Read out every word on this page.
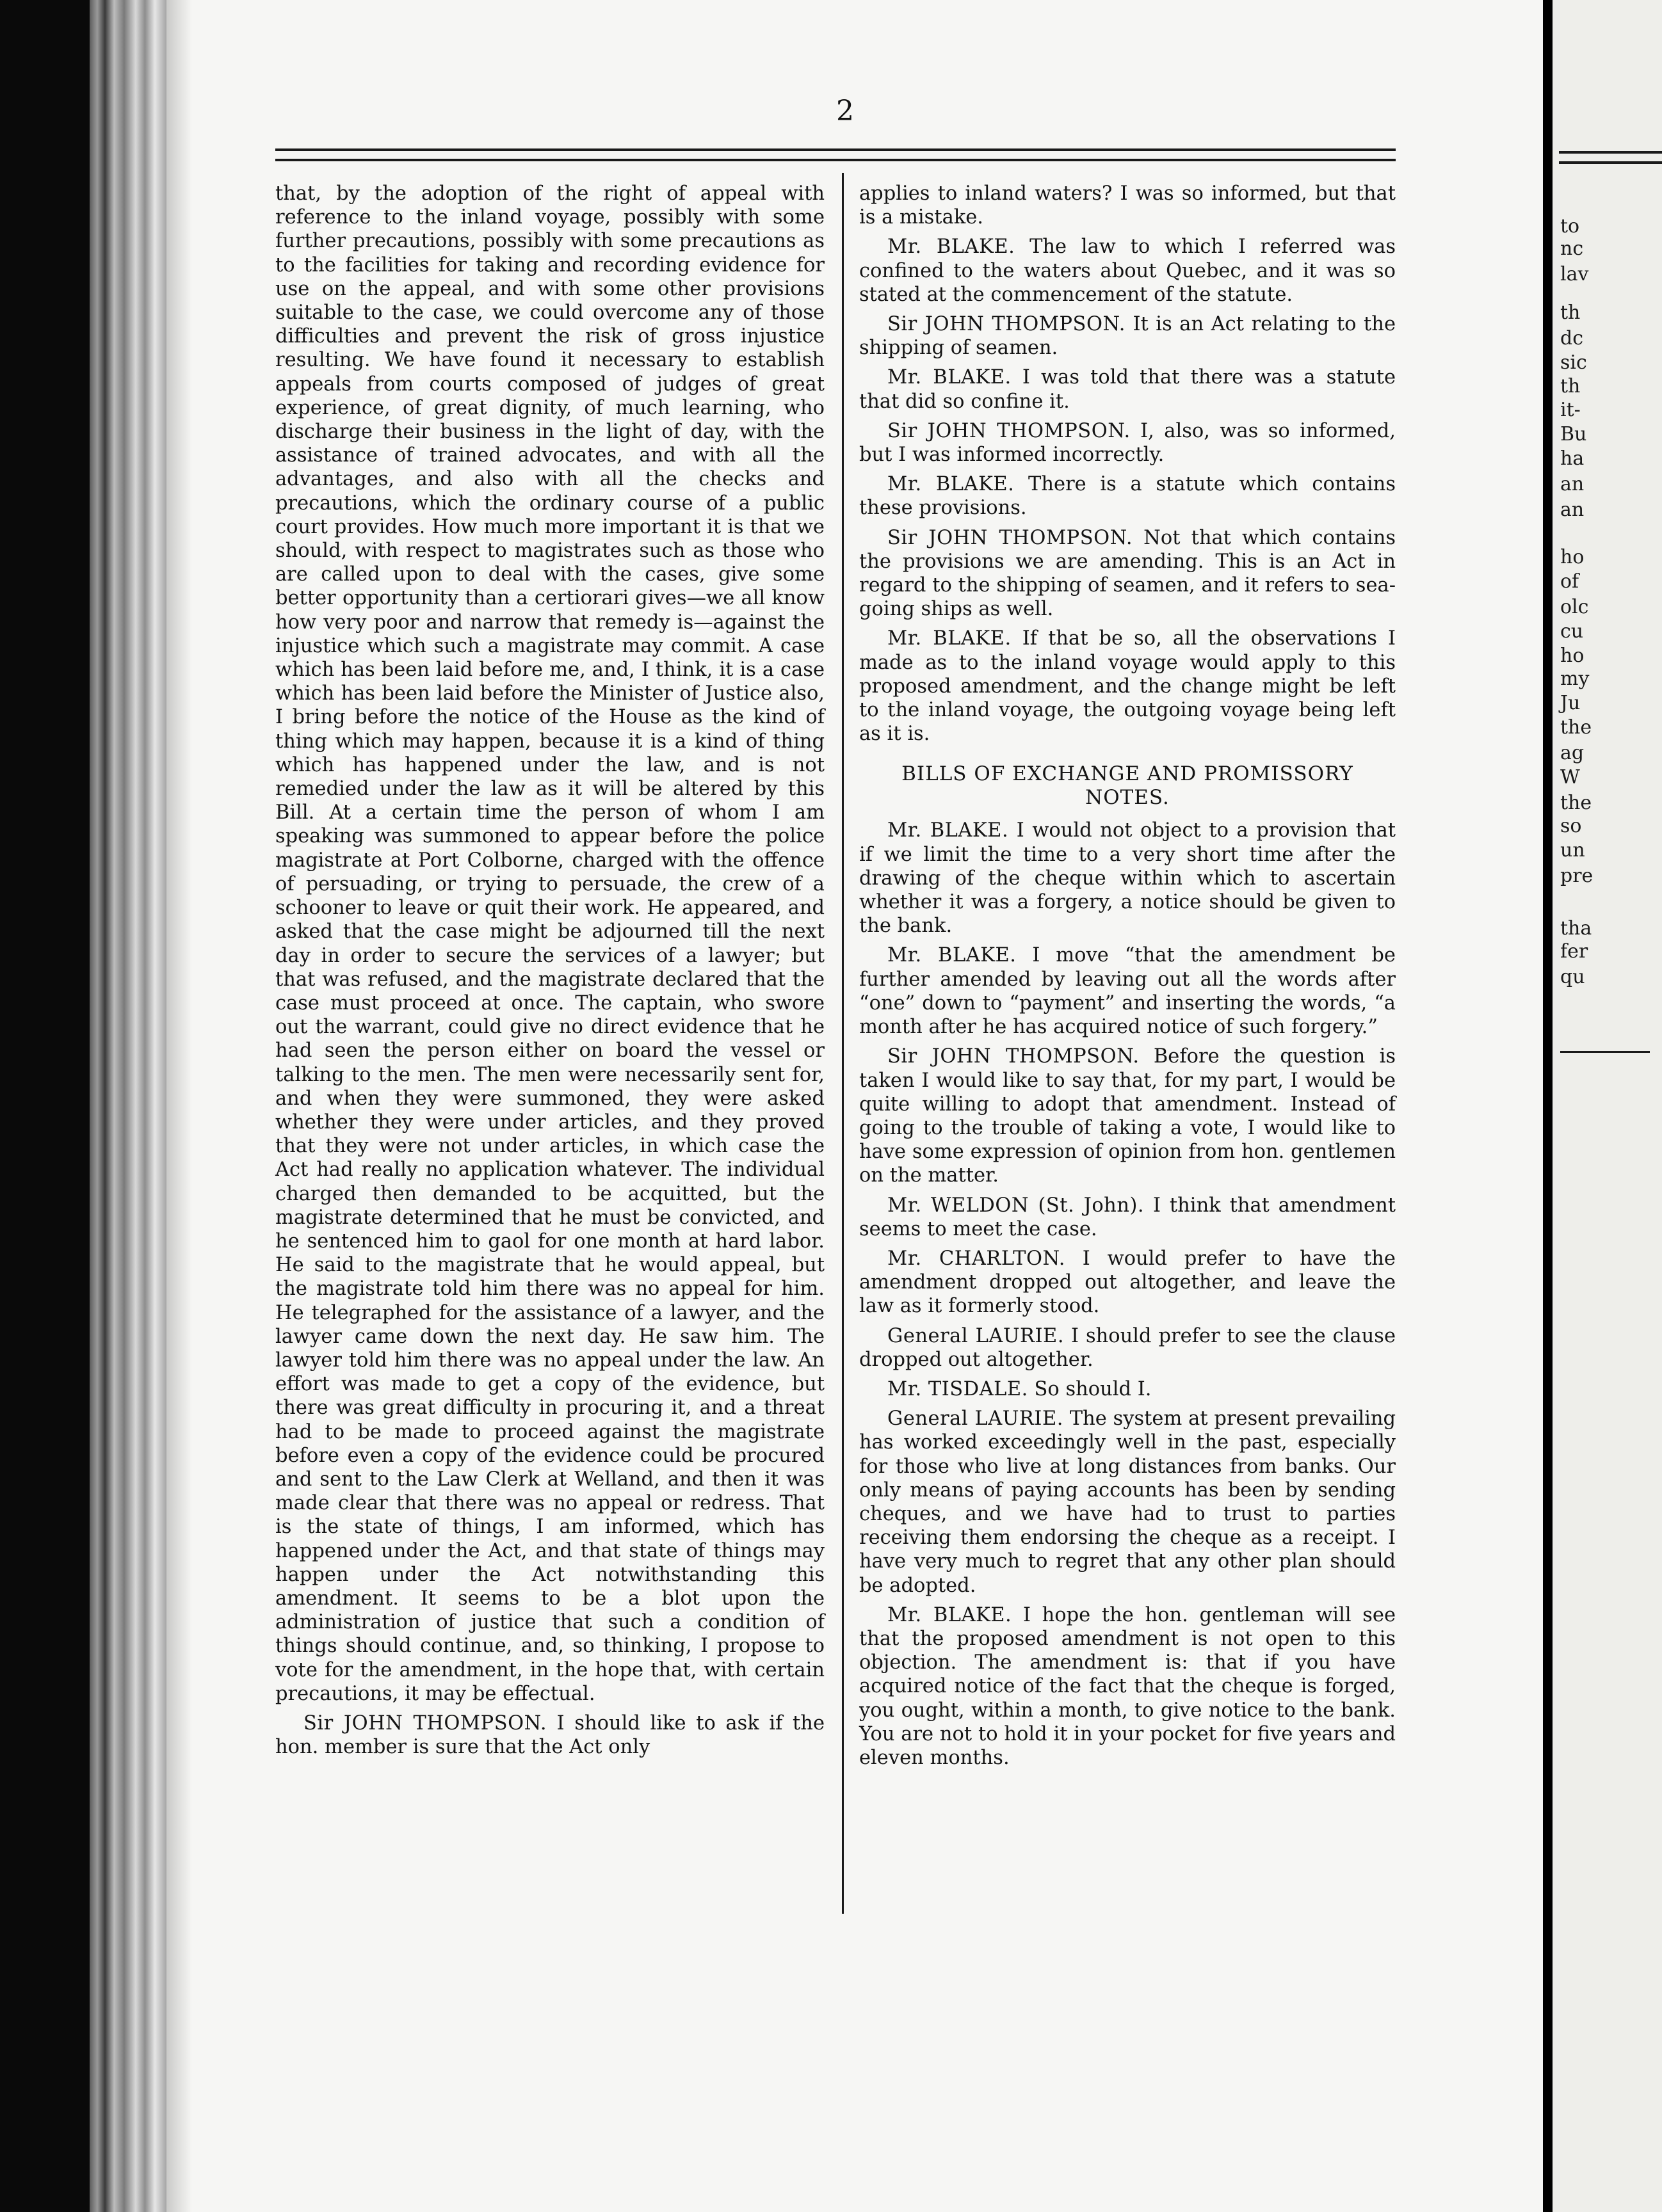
2

that, by the adoption of the right of appeal with reference to the inland voyage, possibly with some further precautions, possibly with some precautions as to the facilities for taking and recording evidence for use on the appeal, and with some other provisions suitable to the case, we could overcome any of those difficulties and prevent the risk of gross injustice resulting. We have found it necessary to establish appeals from courts composed of judges of great experience, of great dignity, of much learning, who discharge their business in the light of day, with the assistance of trained advocates, and with all the advantages, and also with all the checks and precautions, which the ordinary course of a public court provides. How much more important it is that we should, with respect to magistrates such as those who are called upon to deal with the cases, give some better opportunity than a certiorari gives—we all know how very poor and narrow that remedy is—against the injustice which such a magistrate may commit. A case which has been laid before me, and, I think, it is a case which has been laid before the Minister of Justice also, I bring before the notice of the House as the kind of thing which may happen, because it is a kind of thing which has happened under the law, and is not remedied under the law as it will be altered by this Bill. At a certain time the person of whom I am speaking was summoned to appear before the police magistrate at Port Colborne, charged with the offence of persuading, or trying to persuade, the crew of a schooner to leave or quit their work. He appeared, and asked that the case might be adjourned till the next day in order to secure the services of a lawyer; but that was refused, and the magistrate declared that the case must proceed at once. The captain, who swore out the warrant, could give no direct evidence that he had seen the person either on board the vessel or talking to the men. The men were necessarily sent for, and when they were summoned, they were asked whether they were under articles, and they proved that they were not under articles, in which case the Act had really no application whatever. The individual charged then demanded to be acquitted, but the magistrate determined that he must be convicted, and he sentenced him to gaol for one month at hard labor. He said to the magistrate that he would appeal, but the magistrate told him there was no appeal for him. He telegraphed for the assistance of a lawyer, and the lawyer came down the next day. He saw him. The lawyer told him there was no appeal under the law. An effort was made to get a copy of the evidence, but there was great difficulty in procuring it, and a threat had to be made to proceed against the magistrate before even a copy of the evidence could be procured and sent to the Law Clerk at Welland, and then it was made clear that there was no appeal or redress. That is the state of things, I am informed, which has happened under the Act, and that state of things may happen under the Act notwithstanding this amendment. It seems to be a blot upon the administration of justice that such a condition of things should continue, and, so thinking, I propose to vote for the amendment, in the hope that, with certain precautions, it may be effectual.

Sir JOHN THOMPSON. I should like to ask if the hon. member is sure that the Act only

applies to inland waters? I was so informed, but that is a mistake.

Mr. BLAKE. The law to which I referred was confined to the waters about Quebec, and it was so stated at the commencement of the statute.

Sir JOHN THOMPSON. It is an Act relating to the shipping of seamen.

Mr. BLAKE. I was told that there was a statute that did so confine it.

Sir JOHN THOMPSON. I, also, was so informed, but I was informed incorrectly.

Mr. BLAKE. There is a statute which contains these provisions.

Sir JOHN THOMPSON. Not that which contains the provisions we are amending. This is an Act in regard to the shipping of seamen, and it refers to sea-going ships as well.

Mr. BLAKE. If that be so, all the observations I made as to the inland voyage would apply to this proposed amendment, and the change might be left to the inland voyage, the outgoing voyage being left as it is.

BILLS OF EXCHANGE AND PROMISSORY NOTES.

Mr. BLAKE. I would not object to a provision that if we limit the time to a very short time after the drawing of the cheque within which to ascertain whether it was a forgery, a notice should be given to the bank.

Mr. BLAKE. I move “that the amendment be further amended by leaving out all the words after “one” down to “payment” and inserting the words, “a month after he has acquired notice of such forgery.”

Sir JOHN THOMPSON. Before the question is taken I would like to say that, for my part, I would be quite willing to adopt that amendment. Instead of going to the trouble of taking a vote, I would like to have some expression of opinion from hon. gentlemen on the matter.

Mr. WELDON (St. John). I think that amendment seems to meet the case.

Mr. CHARLTON. I would prefer to have the amendment dropped out altogether, and leave the law as it formerly stood.

General LAURIE. I should prefer to see the clause dropped out altogether.

Mr. TISDALE. So should I.

General LAURIE. The system at present prevailing has worked exceedingly well in the past, especially for those who live at long distances from banks. Our only means of paying accounts has been by sending cheques, and we have had to trust to parties receiving them endorsing the cheque as a receipt. I have very much to regret that any other plan should be adopted.

Mr. BLAKE. I hope the hon. gentleman will see that the proposed amendment is not open to this objection. The amendment is: that if you have acquired notice of the fact that the cheque is forged, you ought, within a month, to give notice to the bank. You are not to hold it in your pocket for five years and eleven months.

to
nc
lav
th
dc
sic
th
it-
Bu
ha
an
an
ho
of
olc
cu
ho
my
Ju
the
ag
W
the
so
un
pre
tha
fer
qu
